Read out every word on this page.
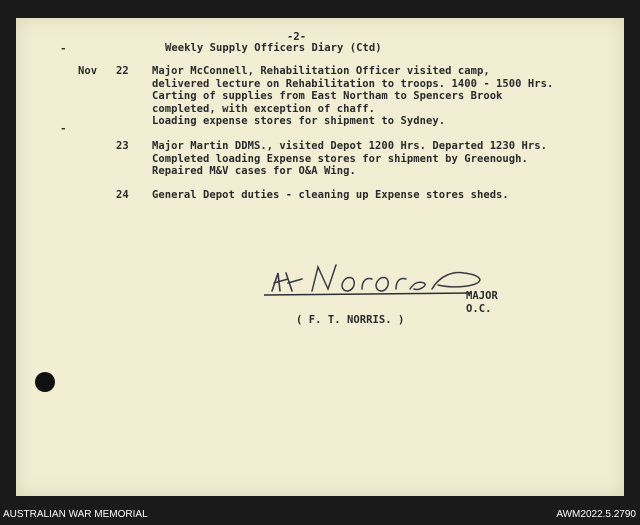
-
-
-2-
Weekly Supply Officers Diary (Ctd)
Nov 22 Major McConnell, Rehabilitation Officer visited camp,
delivered lecture on Rehabilitation to troops. 1400 - 1500 Hrs.
Carting of supplies from East Northam to Spencers Brook
completed, with exception of chaff.
Loading expense stores for shipment to Sydney.
23 Major Martin DDMS., visited Depot 1200 Hrs. Departed 1230 Hrs.
Completed loading Expense stores for shipment by Greenough.
Repaired M&V cases for O&A Wing.
24 General Depot duties - cleaning up Expense stores sheds.
MAJOR
O.C.
( F. T. NORRIS. )
AUSTRALIAN WAR MEMORIAL	AWM2022.5.2790
